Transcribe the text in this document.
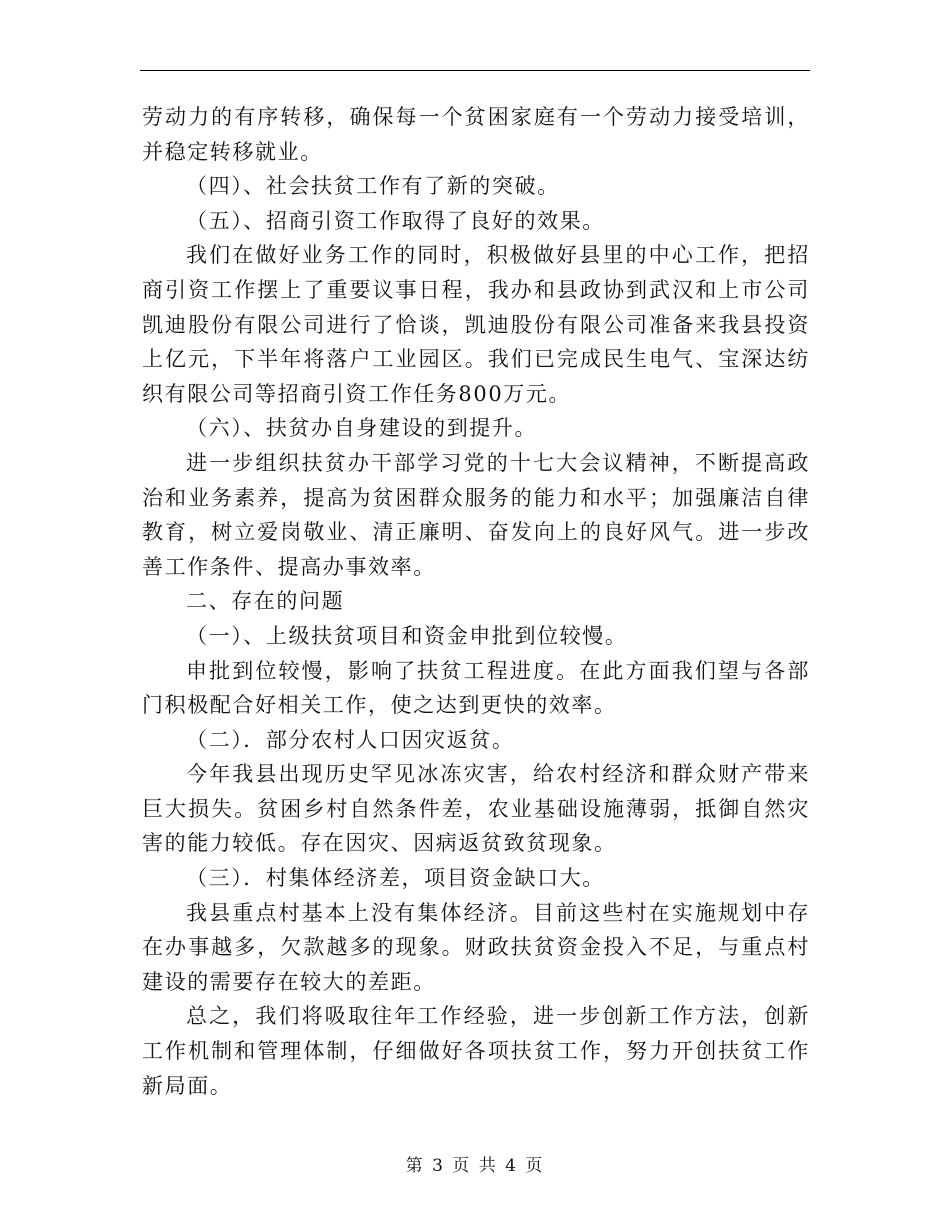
劳动力的有序转移，确保每一个贫困家庭有一个劳动力接受培训，并稳定转移就业。

（四）、社会扶贫工作有了新的突破。

（五）、招商引资工作取得了良好的效果。

我们在做好业务工作的同时，积极做好县里的中心工作，把招商引资工作摆上了重要议事日程，我办和县政协到武汉和上市公司凯迪股份有限公司进行了恰谈，凯迪股份有限公司准备来我县投资上亿元，下半年将落户工业园区。我们已完成民生电气、宝深达纺织有限公司等招商引资工作任务800万元。

（六）、扶贫办自身建设的到提升。

进一步组织扶贫办干部学习党的十七大会议精神，不断提高政治和业务素养，提高为贫困群众服务的能力和水平；加强廉洁自律教育，树立爱岗敬业、清正廉明、奋发向上的良好风气。进一步改善工作条件、提高办事效率。

二、存在的问题

（一）、上级扶贫项目和资金申批到位较慢。

申批到位较慢，影响了扶贫工程进度。在此方面我们望与各部门积极配合好相关工作，使之达到更快的效率。

（二）．部分农村人口因灾返贫。

今年我县出现历史罕见冰冻灾害，给农村经济和群众财产带来巨大损失。贫困乡村自然条件差，农业基础设施薄弱，抵御自然灾害的能力较低。存在因灾、因病返贫致贫现象。

（三）．村集体经济差，项目资金缺口大。

我县重点村基本上没有集体经济。目前这些村在实施规划中存在办事越多，欠款越多的现象。财政扶贫资金投入不足，与重点村建设的需要存在较大的差距。

总之，我们将吸取往年工作经验，进一步创新工作方法，创新工作机制和管理体制，仔细做好各项扶贫工作，努力开创扶贫工作新局面。

第 3 页 共 4 页
